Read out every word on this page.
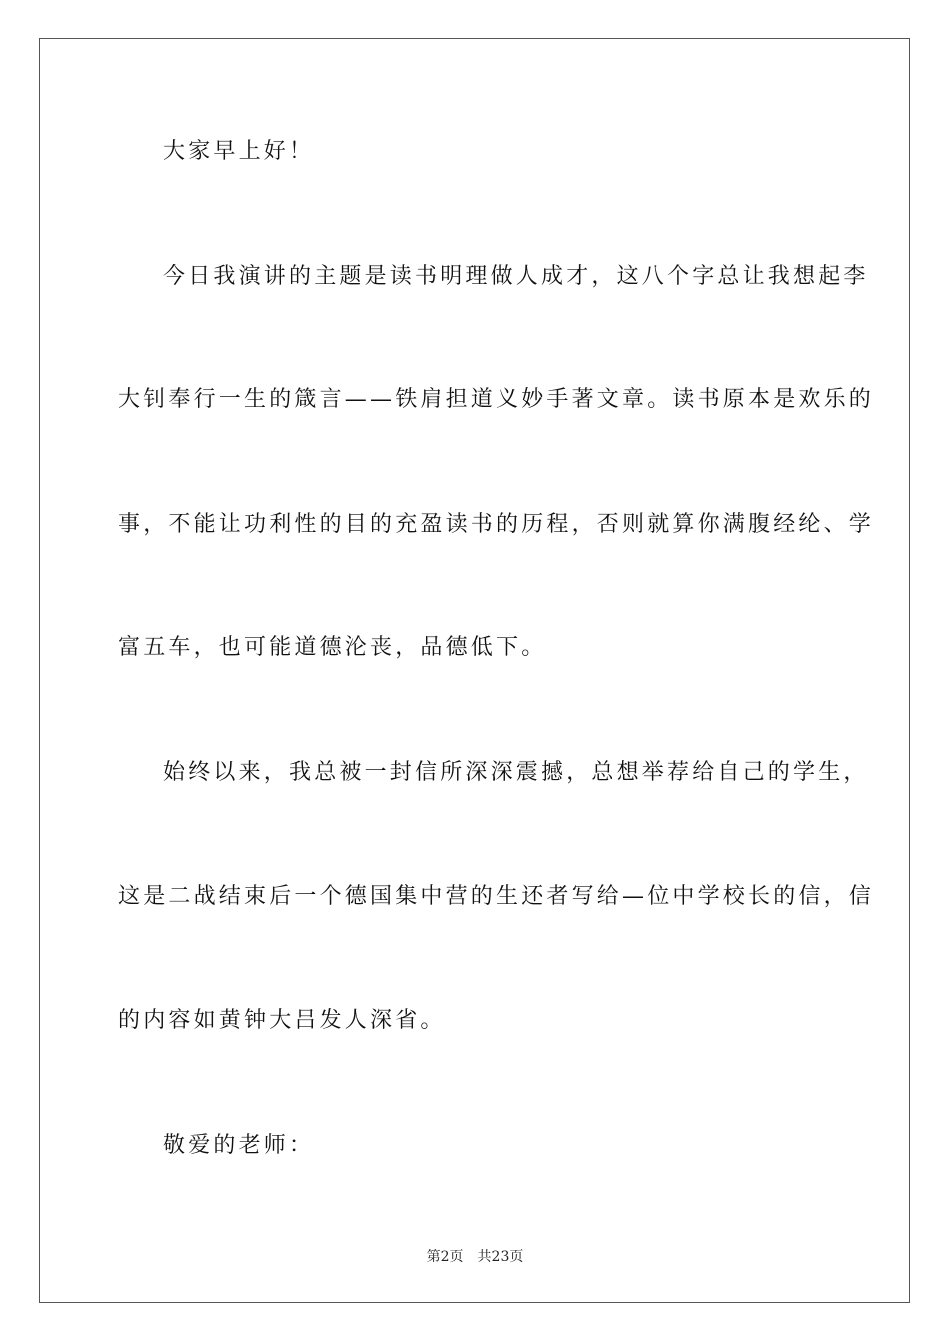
大家早上好！
今日我演讲的主题是读书明理做人成才，这八个字总让我想起李
大钊奉行一生的箴言——铁肩担道义妙手著文章。读书原本是欢乐的
事，不能让功利性的目的充盈读书的历程，否则就算你满腹经纶、学
富五车，也可能道德沦丧，品德低下。
始终以来，我总被一封信所深深震撼，总想举荐给自己的学生，
这是二战结束后一个德国集中营的生还者写给—位中学校长的信，信
的内容如黄钟大吕发人深省。
敬爱的老师：
第2页 共23页
